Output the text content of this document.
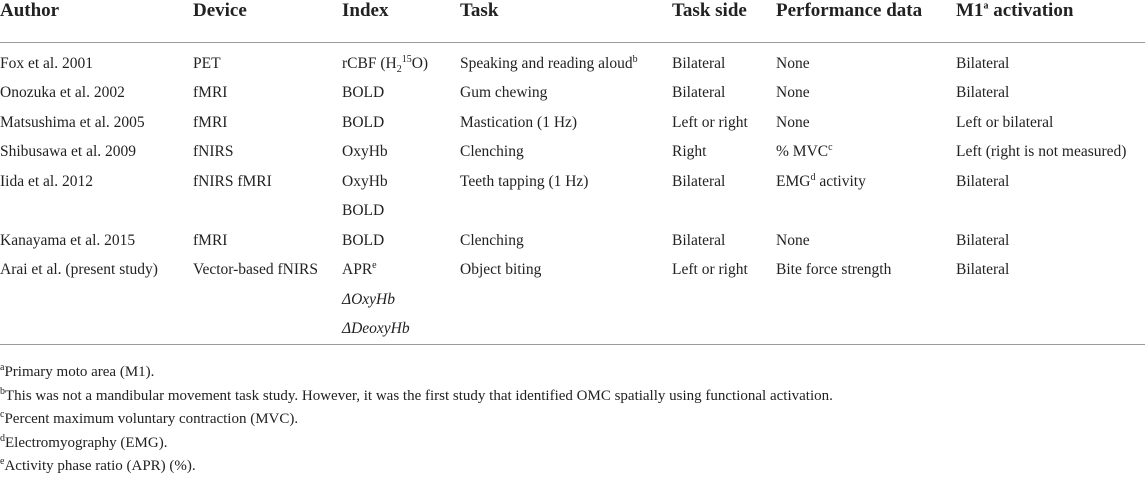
Author	Device	Index	Task	Task side	Performance data	M1$^a$ activation
Fox et al. 2001	PET	rCBF $(H_2^{15}O)$	Speaking and reading aloud$^b$	Bilateral	None	Bilateral
Onozuka et al. 2002	fMRI	BOLD	Gum chewing	Bilateral	None	Bilateral
Matsushima et al. 2005	fMRI	BOLD	Mastication (1 Hz)	Left or right	None	Left or bilateral
Shibusawa et al. 2009	fNIRS	OxyHb	Clenching	Right	% MVC$^c$	Left (right is not measured)
Iida et al. 2012	fNIRS fMRI	OxyHb	Teeth tapping (1 Hz)	Bilateral	EMG$^d$ activity	Bilateral
		BOLD				
Kanayama et al. 2015	fMRI	BOLD	Clenching	Bilateral	None	Bilateral
Arai et al. (present study)	Vector-based fNIRS	APR$^e$	Object biting	Left or right	Bite force strength	Bilateral
		ΔOxyHb				
		ΔDeoxyHb				
$^a$Primary moto area (M1).
$^b$This was not a mandibular movement task study. However, it was the first study that identified OMC spatially using functional activation.
$^c$Percent maximum voluntary contraction (MVC).
$^d$Electromyography (EMG).
$^e$Activity phase ratio (APR) (%).
